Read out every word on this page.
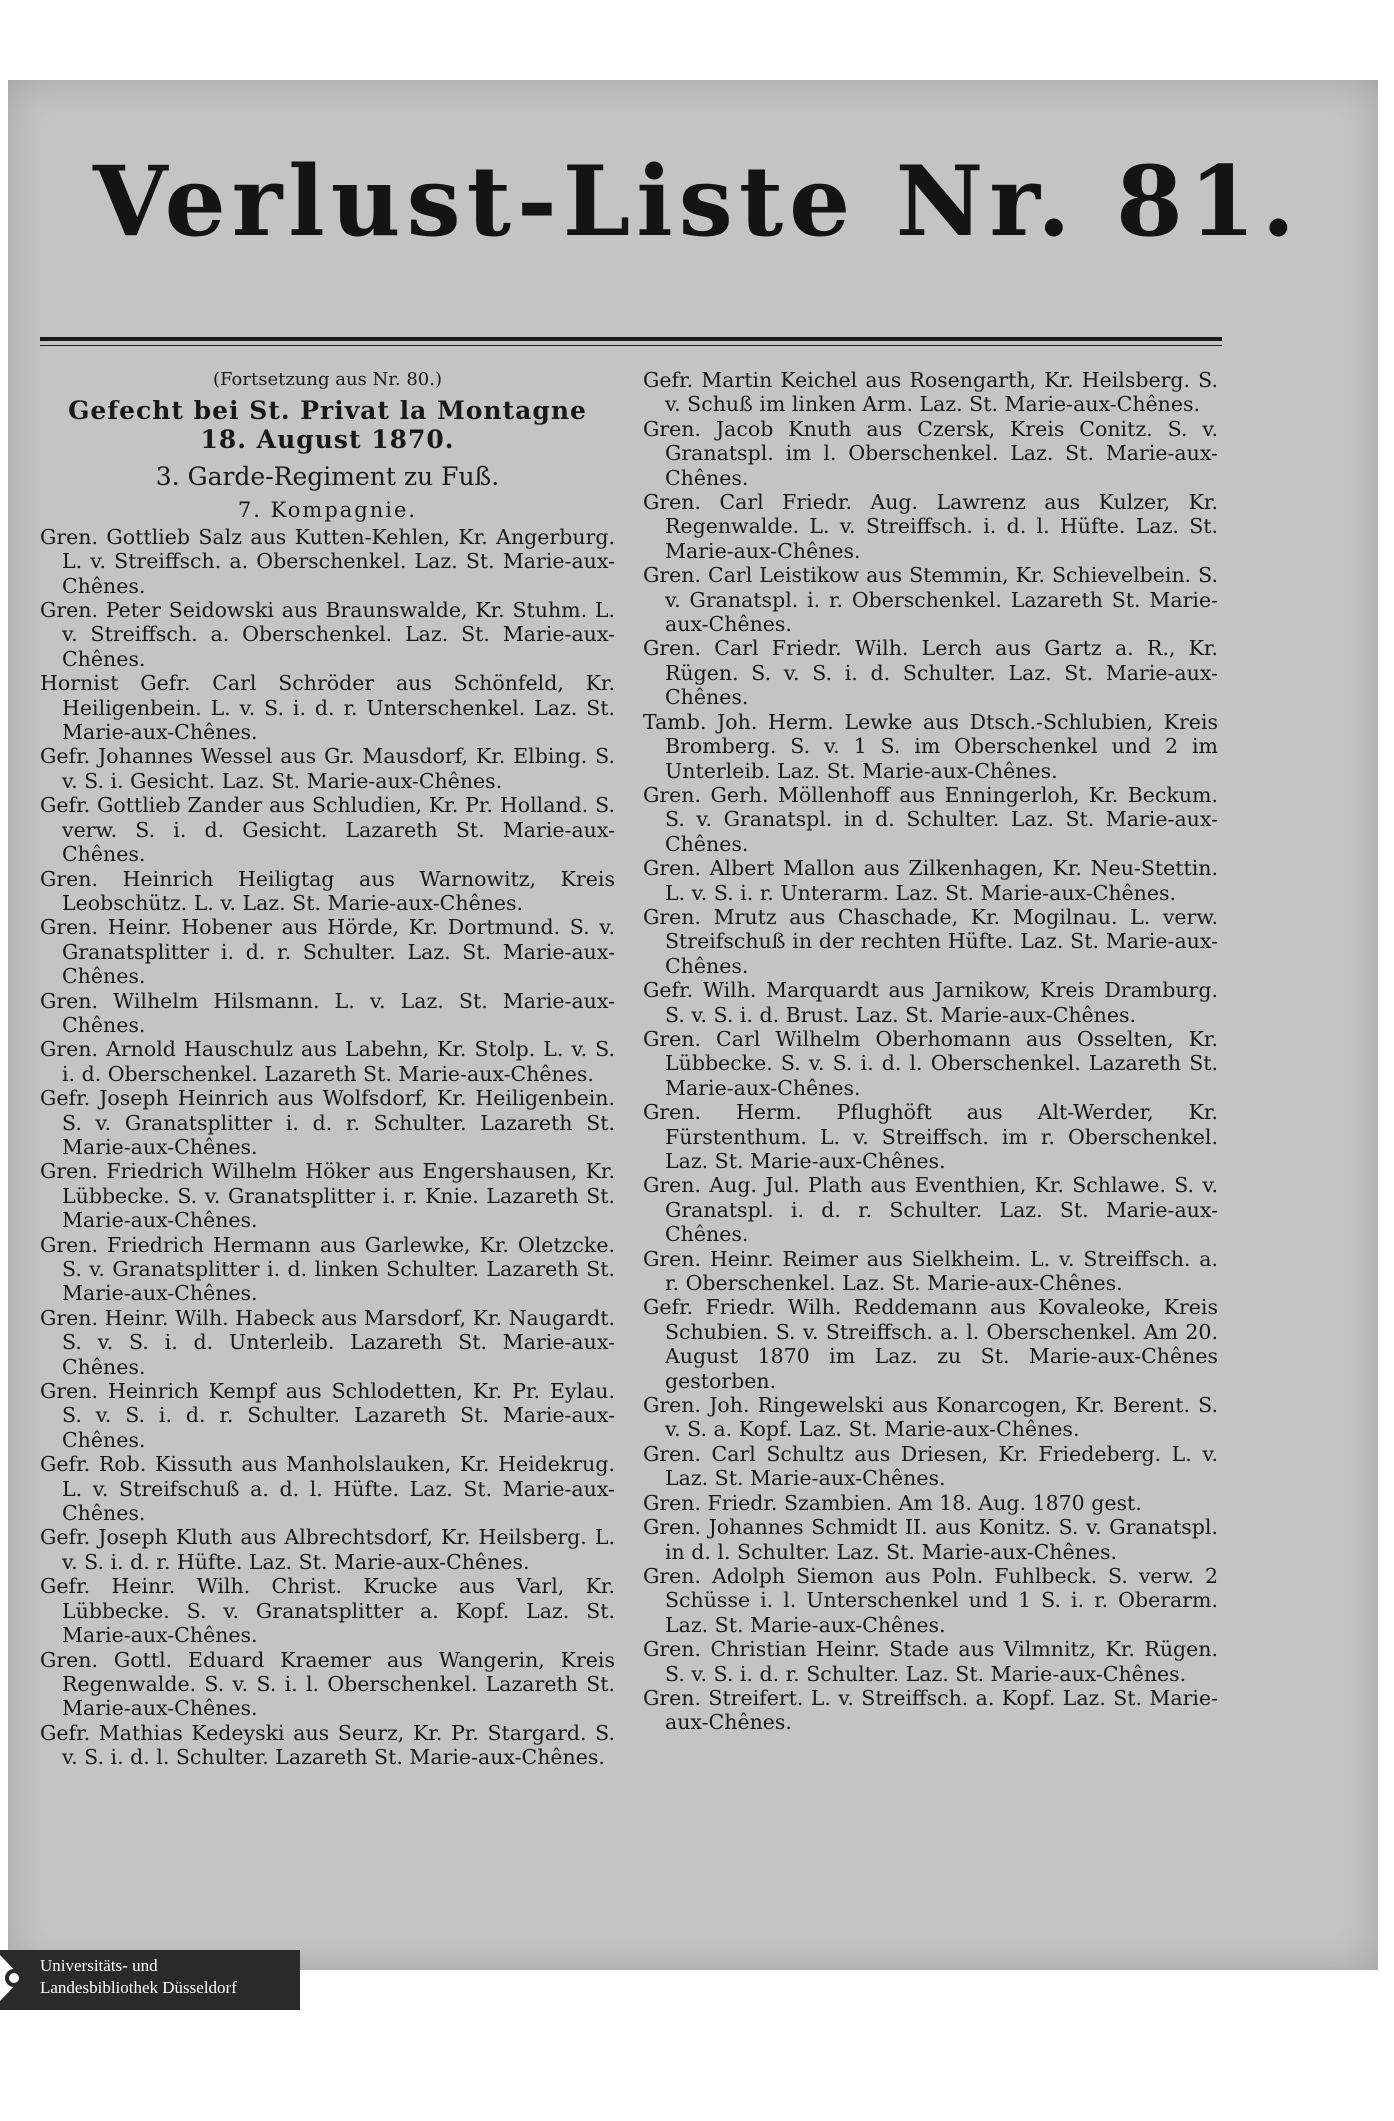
Verlust-Liste Nr. 81.
(Fortsetzung aus Nr. 80.)
Gefecht bei St. Privat la Montagne
18. August 1870.
3. Garde-Regiment zu Fuß.
7. Kompagnie.
Gren. Gottlieb Salz aus Kutten-Kehlen, Kr. Angerburg. L. v. Streiffsch. a. Oberschenkel. Laz. St. Marie-aux-Chênes.
Gren. Peter Seidowski aus Braunswalde, Kr. Stuhm. L. v. Streiffsch. a. Oberschenkel. Laz. St. Marie-aux-Chênes.
Hornist Gefr. Carl Schröder aus Schönfeld, Kr. Heiligenbein. L. v. S. i. d. r. Unterschenkel. Laz. St. Marie-aux-Chênes.
Gefr. Johannes Wessel aus Gr. Mausdorf, Kr. Elbing. S. v. S. i. Gesicht. Laz. St. Marie-aux-Chênes.
Gefr. Gottlieb Zander aus Schludien, Kr. Pr. Holland. S. verw. S. i. d. Gesicht. Lazareth St. Marie-aux-Chênes.
Gren. Heinrich Heiligtag aus Warnowitz, Kreis Leobschütz. L. v. Laz. St. Marie-aux-Chênes.
Gren. Heinr. Hobener aus Hörde, Kr. Dortmund. S. v. Granatsplitter i. d. r. Schulter. Laz. St. Marie-aux-Chênes.
Gren. Wilhelm Hilsmann. L. v. Laz. St. Marie-aux-Chênes.
Gren. Arnold Hauschulz aus Labehn, Kr. Stolp. L. v. S. i. d. Oberschenkel. Lazareth St. Marie-aux-Chênes.
Gefr. Joseph Heinrich aus Wolfsdorf, Kr. Heiligenbein. S. v. Granatsplitter i. d. r. Schulter. Lazareth St. Marie-aux-Chênes.
Gren. Friedrich Wilhelm Höker aus Engershausen, Kr. Lübbecke. S. v. Granatsplitter i. r. Knie. Lazareth St. Marie-aux-Chênes.
Gren. Friedrich Hermann aus Garlewke, Kr. Oletzcke. S. v. Granatsplitter i. d. linken Schulter. Lazareth St. Marie-aux-Chênes.
Gren. Heinr. Wilh. Habeck aus Marsdorf, Kr. Naugardt. S. v. S. i. d. Unterleib. Lazareth St. Marie-aux-Chênes.
Gren. Heinrich Kempf aus Schlodetten, Kr. Pr. Eylau. S. v. S. i. d. r. Schulter. Lazareth St. Marie-aux-Chênes.
Gefr. Rob. Kissuth aus Manholslauken, Kr. Heidekrug. L. v. Streifschuß a. d. l. Hüfte. Laz. St. Marie-aux-Chênes.
Gefr. Joseph Kluth aus Albrechtsdorf, Kr. Heilsberg. L. v. S. i. d. r. Hüfte. Laz. St. Marie-aux-Chênes.
Gefr. Heinr. Wilh. Christ. Krucke aus Varl, Kr. Lübbecke. S. v. Granatsplitter a. Kopf. Laz. St. Marie-aux-Chênes.
Gren. Gottl. Eduard Kraemer aus Wangerin, Kreis Regenwalde. S. v. S. i. l. Oberschenkel. Lazareth St. Marie-aux-Chênes.
Gefr. Mathias Kedeyski aus Seurz, Kr. Pr. Stargard. S. v. S. i. d. l. Schulter. Lazareth St. Marie-aux-Chênes.
Gefr. Martin Keichel aus Rosengarth, Kr. Heilsberg. S. v. Schuß im linken Arm. Laz. St. Marie-aux-Chênes.
Gren. Jacob Knuth aus Czersk, Kreis Conitz. S. v. Granatspl. im l. Oberschenkel. Laz. St. Marie-aux-Chênes.
Gren. Carl Friedr. Aug. Lawrenz aus Kulzer, Kr. Regenwalde. L. v. Streiffsch. i. d. l. Hüfte. Laz. St. Marie-aux-Chênes.
Gren. Carl Leistikow aus Stemmin, Kr. Schievelbein. S. v. Granatspl. i. r. Oberschenkel. Lazareth St. Marie-aux-Chênes.
Gren. Carl Friedr. Wilh. Lerch aus Gartz a. R., Kr. Rügen. S. v. S. i. d. Schulter. Laz. St. Marie-aux-Chênes.
Tamb. Joh. Herm. Lewke aus Dtsch.-Schlubien, Kreis Bromberg. S. v. 1 S. im Oberschenkel und 2 im Unterleib. Laz. St. Marie-aux-Chênes.
Gren. Gerh. Möllenhoff aus Enningerloh, Kr. Beckum. S. v. Granatspl. in d. Schulter. Laz. St. Marie-aux-Chênes.
Gren. Albert Mallon aus Zilkenhagen, Kr. Neu-Stettin. L. v. S. i. r. Unterarm. Laz. St. Marie-aux-Chênes.
Gren. Mrutz aus Chaschade, Kr. Mogilnau. L. verw. Streifschuß in der rechten Hüfte. Laz. St. Marie-aux-Chênes.
Gefr. Wilh. Marquardt aus Jarnikow, Kreis Dramburg. S. v. S. i. d. Brust. Laz. St. Marie-aux-Chênes.
Gren. Carl Wilhelm Oberhomann aus Osselten, Kr. Lübbecke. S. v. S. i. d. l. Oberschenkel. Lazareth St. Marie-aux-Chênes.
Gren. Herm. Pflughöft aus Alt-Werder, Kr. Fürstenthum. L. v. Streiffsch. im r. Oberschenkel. Laz. St. Marie-aux-Chênes.
Gren. Aug. Jul. Plath aus Eventhien, Kr. Schlawe. S. v. Granatspl. i. d. r. Schulter. Laz. St. Marie-aux-Chênes.
Gren. Heinr. Reimer aus Sielkheim. L. v. Streiffsch. a. r. Oberschenkel. Laz. St. Marie-aux-Chênes.
Gefr. Friedr. Wilh. Reddemann aus Kovaleoke, Kreis Schubien. S. v. Streiffsch. a. l. Oberschenkel. Am 20. August 1870 im Laz. zu St. Marie-aux-Chênes gestorben.
Gren. Joh. Ringewelski aus Konarcogen, Kr. Berent. S. v. S. a. Kopf. Laz. St. Marie-aux-Chênes.
Gren. Carl Schultz aus Driesen, Kr. Friedeberg. L. v. Laz. St. Marie-aux-Chênes.
Gren. Friedr. Szambien. Am 18. Aug. 1870 gest.
Gren. Johannes Schmidt II. aus Konitz. S. v. Granatspl. in d. l. Schulter. Laz. St. Marie-aux-Chênes.
Gren. Adolph Siemon aus Poln. Fuhlbeck. S. verw. 2 Schüsse i. l. Unterschenkel und 1 S. i. r. Oberarm. Laz. St. Marie-aux-Chênes.
Gren. Christian Heinr. Stade aus Vilmnitz, Kr. Rügen. S. v. S. i. d. r. Schulter. Laz. St. Marie-aux-Chênes.
Gren. Streifert. L. v. Streiffsch. a. Kopf. Laz. St. Marie-aux-Chênes.
Universitäts- und
Landesbibliothek Düsseldorf
